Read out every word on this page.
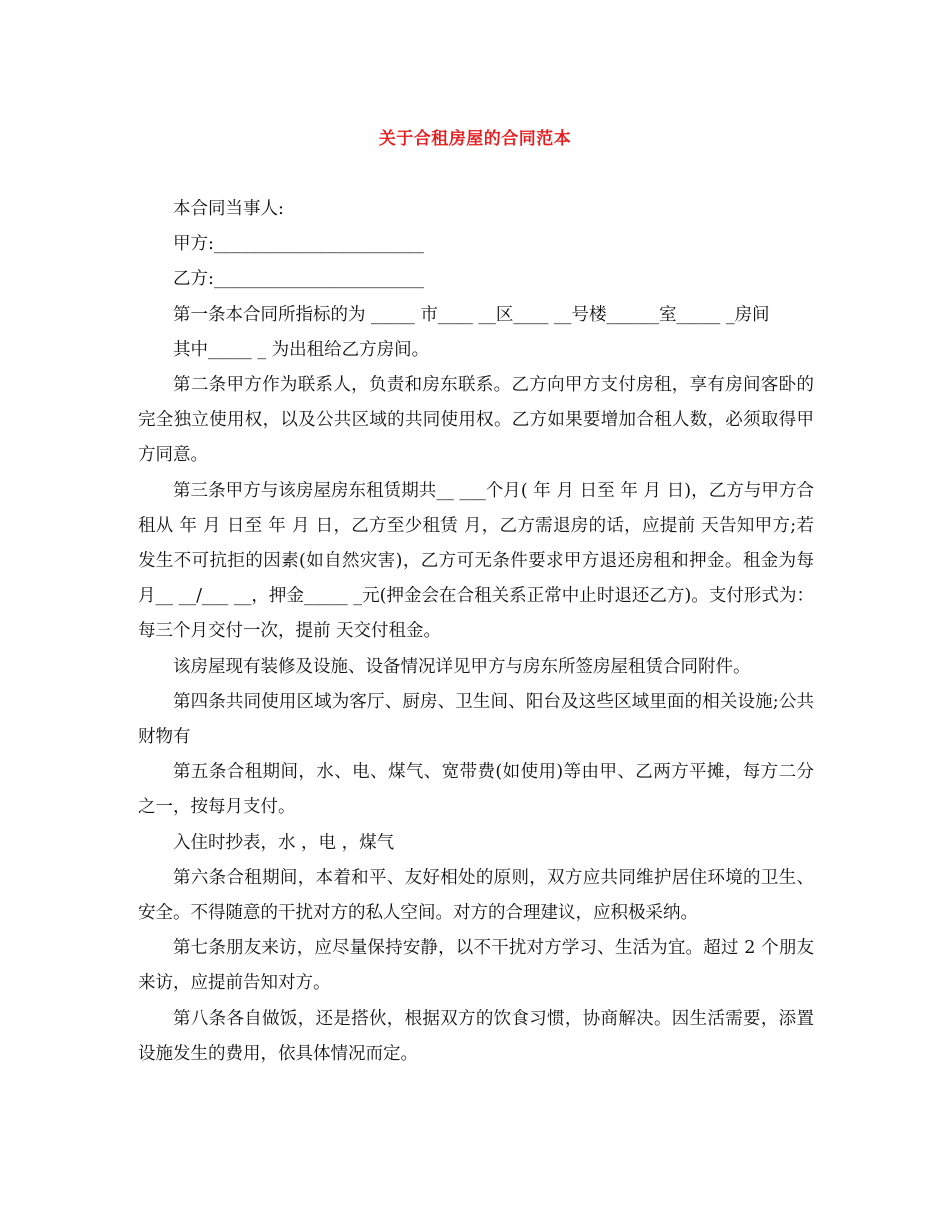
关于合租房屋的合同范本

本合同当事人:

甲方:________________________

乙方:________________________

第一条本合同所指标的为 _____ 市____ __区____ __号楼______室_____ _房间

其中_____ _ 为出租给乙方房间。

第二条甲方作为联系人，负责和房东联系。乙方向甲方支付房租，享有房间客卧的完全独立使用权，以及公共区域的共同使用权。乙方如果要增加合租人数，必须取得甲方同意。

第三条甲方与该房屋房东租赁期共__ ___个月( 年 月 日至 年 月 日)，乙方与甲方合租从 年 月 日至 年 月 日，乙方至少租赁 月，乙方需退房的话，应提前 天告知甲方;若发生不可抗拒的因素(如自然灾害)，乙方可无条件要求甲方退还房租和押金。租金为每月__ __/___ __，押金_____ _元(押金会在合租关系正常中止时退还乙方)。支付形式为：每三个月交付一次，提前 天交付租金。

该房屋现有装修及设施、设备情况详见甲方与房东所签房屋租赁合同附件。

第四条共同使用区域为客厅、厨房、卫生间、阳台及这些区域里面的相关设施;公共财物有

第五条合租期间，水、电、煤气、宽带费(如使用)等由甲、乙两方平摊，每方二分之一，按每月支付。

入住时抄表，水 ，电 ，煤气

第六条合租期间，本着和平、友好相处的原则，双方应共同维护居住环境的卫生、安全。不得随意的干扰对方的私人空间。对方的合理建议，应积极采纳。

第七条朋友来访，应尽量保持安静，以不干扰对方学习、生活为宜。超过 2 个朋友来访，应提前告知对方。

第八条各自做饭，还是搭伙，根据双方的饮食习惯，协商解决。因生活需要，添置设施发生的费用，依具体情况而定。
